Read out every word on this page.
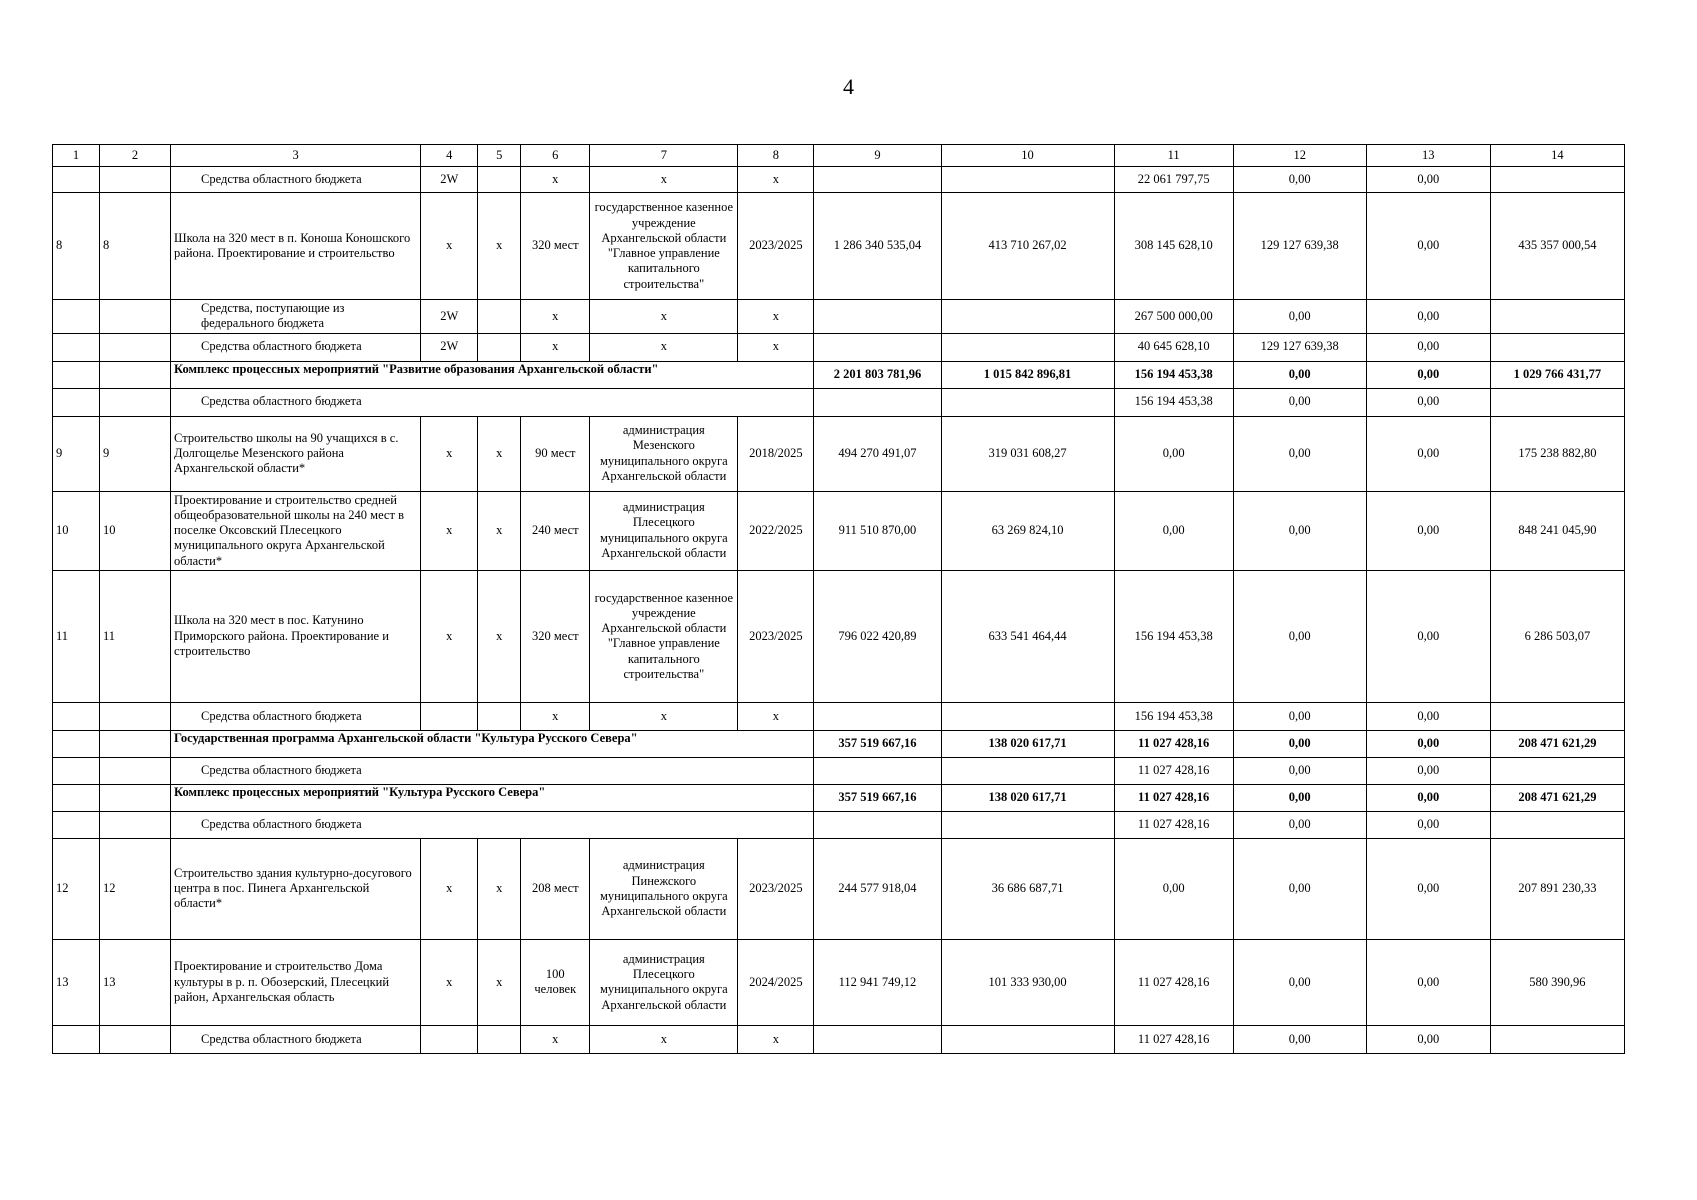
4
1	2	3	4	5	6	7	8	9	10	11	12	13	14
		Средства областного бюджета	2W		х	х	х			22 061 797,75	0,00	0,00	
8	8	Школа на 320 мест в п. Коноша Коношского района. Проектирование и строительство	х	х	320 мест	государственное казенное учреждение Архангельской области "Главное управление капитального строительства"	2023/2025	1 286 340 535,04	413 710 267,02	308 145 628,10	129 127 639,38	0,00	435 357 000,54
		Средства, поступающие из федерального бюджета	2W		х	х	х			267 500 000,00	0,00	0,00	
		Средства областного бюджета	2W		х	х	х			40 645 628,10	129 127 639,38	0,00	
		Комплекс процессных мероприятий "Развитие образования Архангельской области"						2 201 803 781,96	1 015 842 896,81	156 194 453,38	0,00	0,00	1 029 766 431,77
		Средства областного бюджета								156 194 453,38	0,00	0,00	
9	9	Строительство школы на 90 учащихся в с. Долгощелье Мезенского района Архангельской области*	х	х	90 мест	администрация Мезенского муниципального округа Архангельской области	2018/2025	494 270 491,07	319 031 608,27	0,00	0,00	0,00	175 238 882,80
10	10	Проектирование и строительство средней общеобразовательной школы на 240 мест в поселке Оксовский Плесецкого муниципального округа Архангельской области*	х	х	240 мест	администрация Плесецкого муниципального округа Архангельской области	2022/2025	911 510 870,00	63 269 824,10	0,00	0,00	0,00	848 241 045,90
11	11	Школа на 320 мест в пос. Катунино Приморского района. Проектирование и строительство	х	х	320 мест	государственное казенное учреждение Архангельской области "Главное управление капитального строительства"	2023/2025	796 022 420,89	633 541 464,44	156 194 453,38	0,00	0,00	6 286 503,07
		Средства областного бюджета			х	х	х			156 194 453,38	0,00	0,00	
		Государственная программа Архангельской области "Культура Русского Севера"						357 519 667,16	138 020 617,71	11 027 428,16	0,00	0,00	208 471 621,29
		Средства областного бюджета								11 027 428,16	0,00	0,00	
		Комплекс процессных мероприятий "Культура Русского Севера"						357 519 667,16	138 020 617,71	11 027 428,16	0,00	0,00	208 471 621,29
		Средства областного бюджета								11 027 428,16	0,00	0,00	
12	12	Строительство здания культурно-досугового центра в пос. Пинега Архангельской области*	х	х	208 мест	администрация Пинежского муниципального округа Архангельской области	2023/2025	244 577 918,04	36 686 687,71	0,00	0,00	0,00	207 891 230,33
13	13	Проектирование и строительство Дома культуры в р. п. Обозерский, Плесецкий район, Архангельская область	х	х	100 человек	администрация Плесецкого муниципального округа Архангельской области	2024/2025	112 941 749,12	101 333 930,00	11 027 428,16	0,00	0,00	580 390,96
		Средства областного бюджета			х	х	х			11 027 428,16	0,00	0,00	
